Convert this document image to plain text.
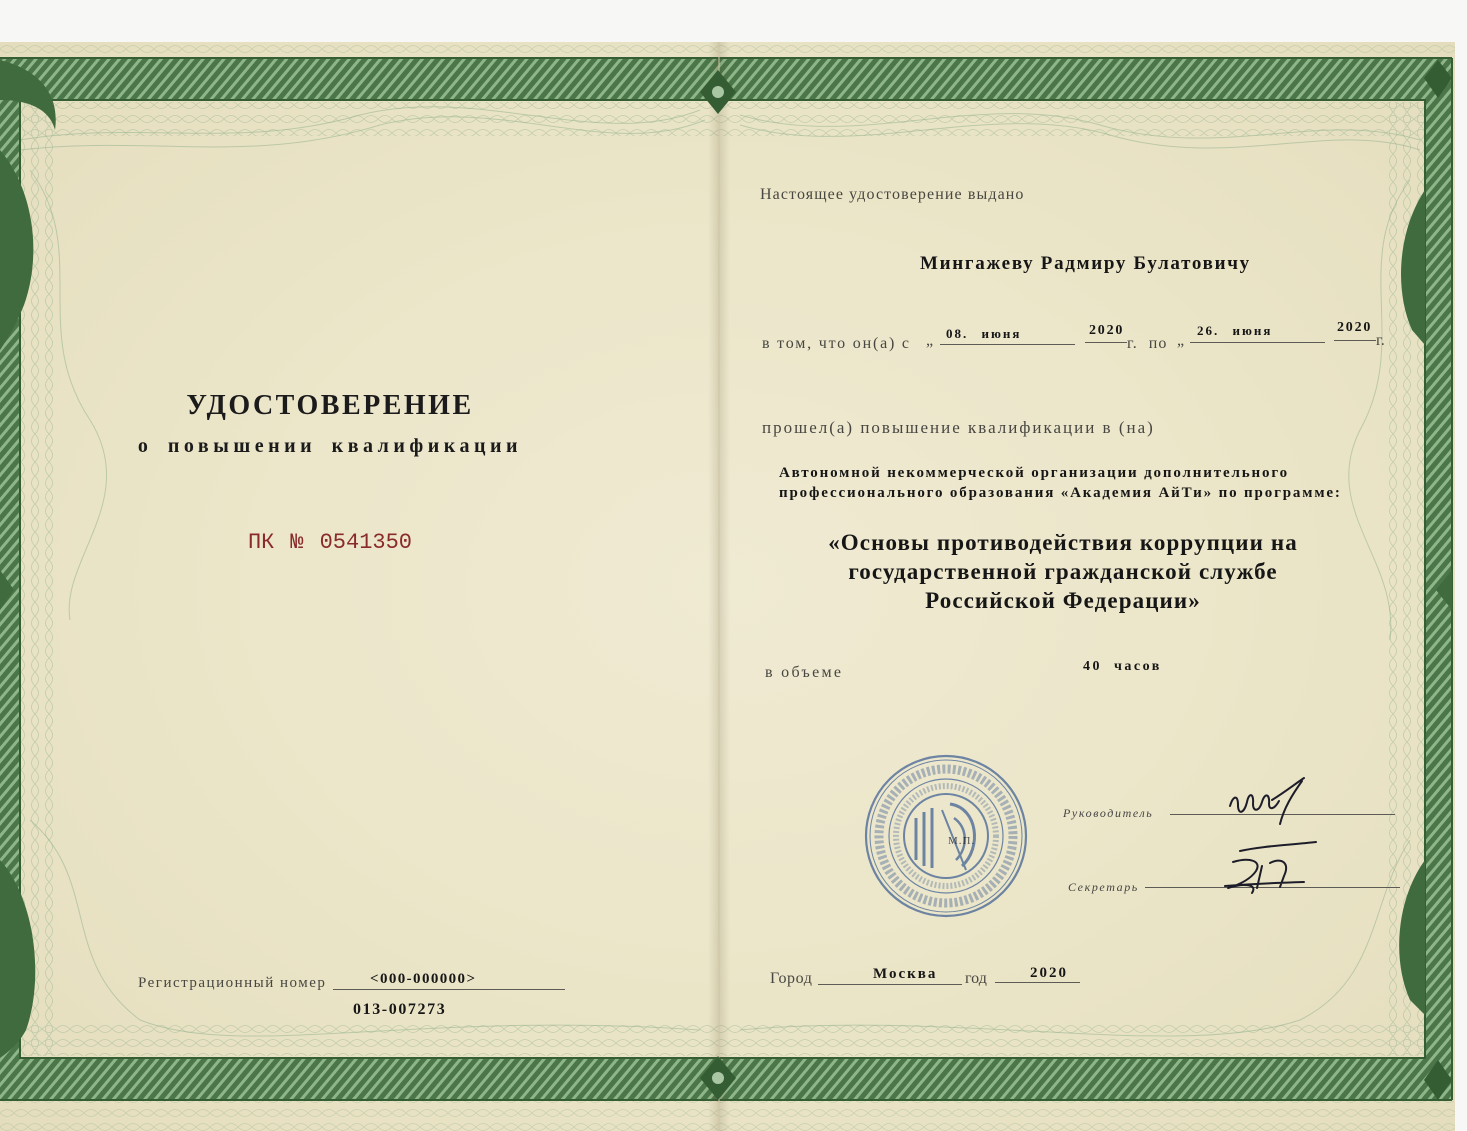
УДОСТОВЕРЕНИЕ
о повышении квалификации
ПК № 0541350
Регистрационный номер	<000-000000>
013-007273
Настоящее удостоверение выдано
Мингажеву Радмиру Булатовичу
в том, что он(а) с „ 08. июня	2020
г. по „
26. июня	2020
г.
прошел(а) повышение квалификации в (на)
Автономной некоммерческой организации дополнительного
профессионального образования «Академия АйТи» по программе:
«Основы противодействия коррупции на
государственной гражданской службе
Российской Федерации»
в объеме	40 часов
М.П.
Руководитель
Секретарь
Город	Москва год	2020
